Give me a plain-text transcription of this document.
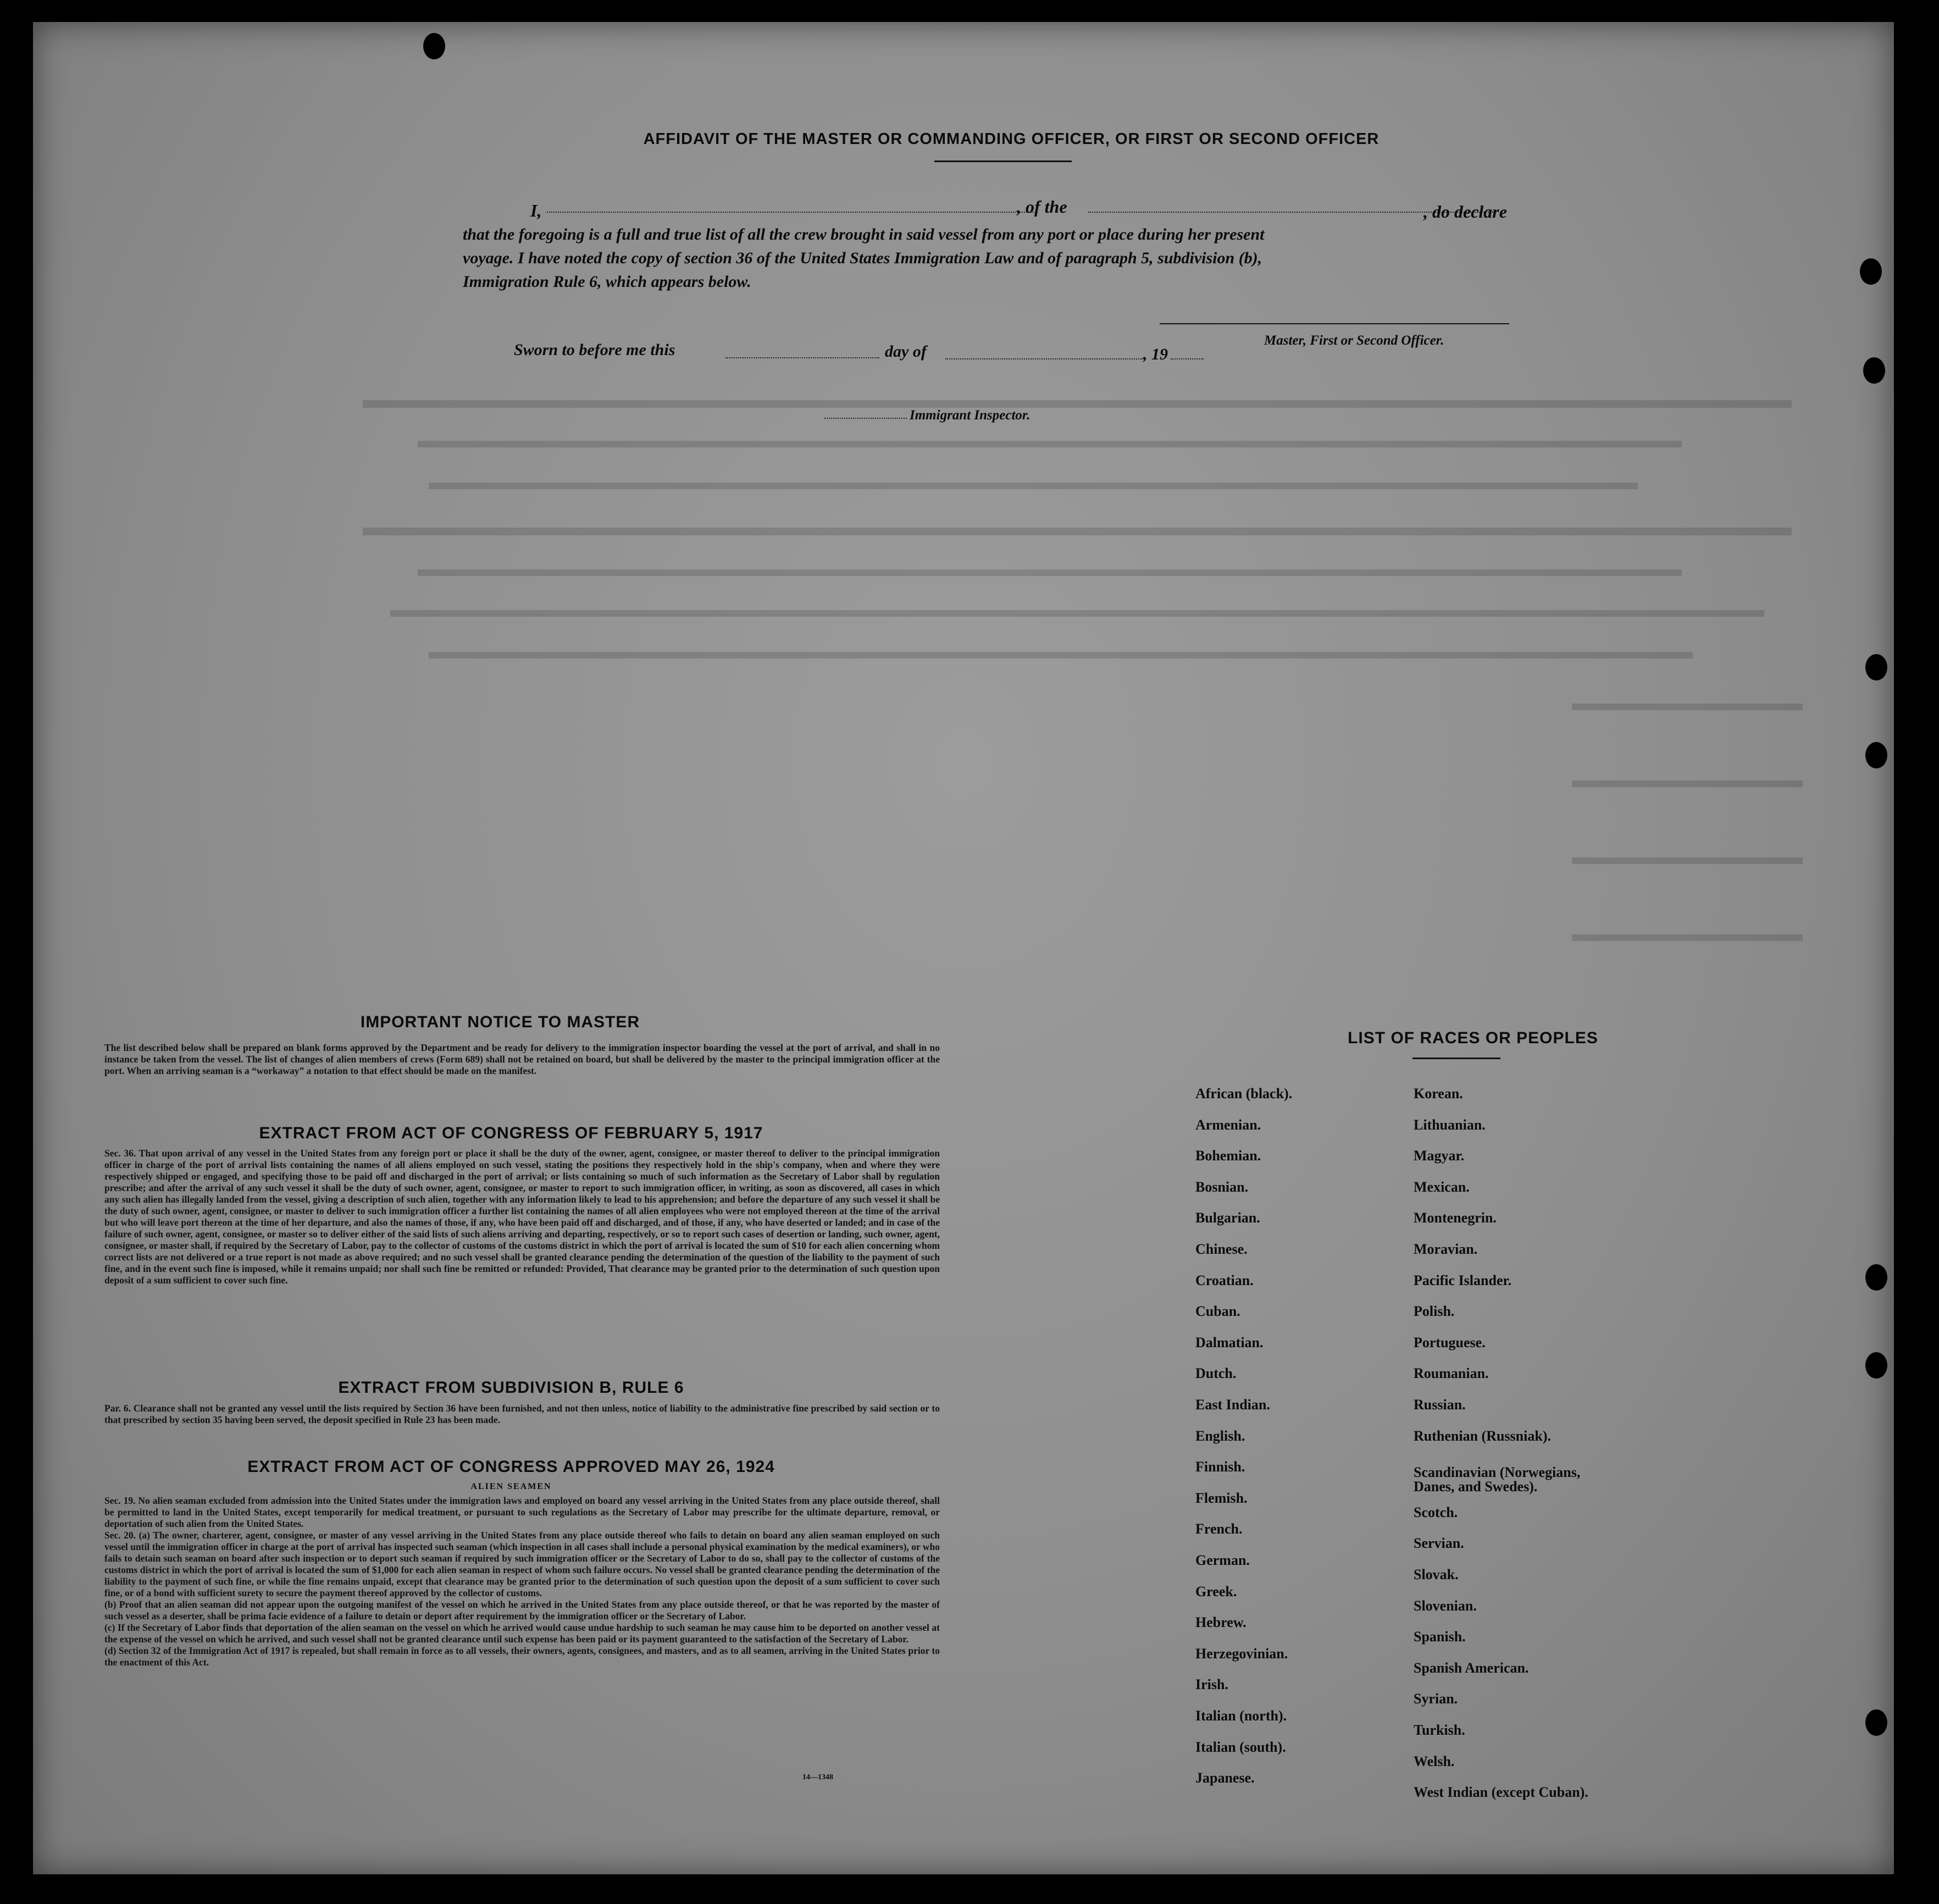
AFFIDAVIT OF THE MASTER OR COMMANDING OFFICER, OR FIRST OR SECOND OFFICER
I,	, of the	, do declare
that the foregoing is a full and true list of all the crew brought in said vessel from any port or place during her present
voyage. I have noted the copy of section 36 of the United States Immigration Law and of paragraph 5, subdivision (b),
Immigration Rule 6, which appears below.
Master, First or Second Officer.
Sworn to before me this	day of	, 19
Immigrant Inspector.
IMPORTANT NOTICE TO MASTER
The list described below shall be prepared on blank forms approved by the Department and be ready for delivery to the immigration inspector boarding the vessel at the port of arrival, and shall in no instance be taken from the vessel. The list of changes of alien members of crews (Form 689) shall not be retained on board, but shall be delivered by the master to the principal immigration officer at the port. When an arriving seaman is a “workaway” a notation to that effect should be made on the manifest.
EXTRACT FROM ACT OF CONGRESS OF FEBRUARY 5, 1917
Sec. 36. That upon arrival of any vessel in the United States from any foreign port or place it shall be the duty of the owner, agent, consignee, or master thereof to deliver to the principal immigration officer in charge of the port of arrival lists containing the names of all aliens employed on such vessel, stating the positions they respectively hold in the ship's company, when and where they were respectively shipped or engaged, and specifying those to be paid off and discharged in the port of arrival; or lists containing so much of such information as the Secretary of Labor shall by regulation prescribe; and after the arrival of any such vessel it shall be the duty of such owner, agent, consignee, or master to report to such immigration officer, in writing, as soon as discovered, all cases in which any such alien has illegally landed from the vessel, giving a description of such alien, together with any information likely to lead to his apprehension; and before the departure of any such vessel it shall be the duty of such owner, agent, consignee, or master to deliver to such immigration officer a further list containing the names of all alien employees who were not employed thereon at the time of the arrival but who will leave port thereon at the time of her departure, and also the names of those, if any, who have been paid off and discharged, and of those, if any, who have deserted or landed; and in case of the failure of such owner, agent, consignee, or master so to deliver either of the said lists of such aliens arriving and departing, respectively, or so to report such cases of desertion or landing, such owner, agent, consignee, or master shall, if required by the Secretary of Labor, pay to the collector of customs of the customs district in which the port of arrival is located the sum of $10 for each alien concerning whom correct lists are not delivered or a true report is not made as above required; and no such vessel shall be granted clearance pending the determination of the question of the liability to the payment of such fine, and in the event such fine is imposed, while it remains unpaid; nor shall such fine be remitted or refunded: Provided, That clearance may be granted prior to the determination of such question upon deposit of a sum sufficient to cover such fine.
EXTRACT FROM SUBDIVISION B, RULE 6
Par. 6. Clearance shall not be granted any vessel until the lists required by Section 36 have been furnished, and not then unless, notice of liability to the administrative fine prescribed by said section or to that prescribed by section 35 having been served, the deposit specified in Rule 23 has been made.
EXTRACT FROM ACT OF CONGRESS APPROVED MAY 26, 1924
ALIEN SEAMEN
Sec. 19. No alien seaman excluded from admission into the United States under the immigration laws and employed on board any vessel arriving in the United States from any place outside thereof, shall be permitted to land in the United States, except temporarily for medical treatment, or pursuant to such regulations as the Secretary of Labor may prescribe for the ultimate departure, removal, or deportation of such alien from the United States.
Sec. 20. (a) The owner, charterer, agent, consignee, or master of any vessel arriving in the United States from any place outside thereof who fails to detain on board any alien seaman employed on such vessel until the immigration officer in charge at the port of arrival has inspected such seaman (which inspection in all cases shall include a personal physical examination by the medical examiners), or who fails to detain such seaman on board after such inspection or to deport such seaman if required by such immigration officer or the Secretary of Labor to do so, shall pay to the collector of customs of the customs district in which the port of arrival is located the sum of $1,000 for each alien seaman in respect of whom such failure occurs. No vessel shall be granted clearance pending the determination of the liability to the payment of such fine, or while the fine remains unpaid, except that clearance may be granted prior to the determination of such question upon the deposit of a sum sufficient to cover such fine, or of a bond with sufficient surety to secure the payment thereof approved by the collector of customs.
(b) Proof that an alien seaman did not appear upon the outgoing manifest of the vessel on which he arrived in the United States from any place outside thereof, or that he was reported by the master of such vessel as a deserter, shall be prima facie evidence of a failure to detain or deport after requirement by the immigration officer or the Secretary of Labor.
(c) If the Secretary of Labor finds that deportation of the alien seaman on the vessel on which he arrived would cause undue hardship to such seaman he may cause him to be deported on another vessel at the expense of the vessel on which he arrived, and such vessel shall not be granted clearance until such expense has been paid or its payment guaranteed to the satisfaction of the Secretary of Labor.
(d) Section 32 of the Immigration Act of 1917 is repealed, but shall remain in force as to all vessels, their owners, agents, consignees, and masters, and as to all seamen, arriving in the United States prior to the enactment of this Act.
14—1348
LIST OF RACES OR PEOPLES
African (black).
Armenian.
Bohemian.
Bosnian.
Bulgarian.
Chinese.
Croatian.
Cuban.
Dalmatian.
Dutch.
East Indian.
English.
Finnish.
Flemish.
French.
German.
Greek.
Hebrew.
Herzegovinian.
Irish.
Italian (north).
Italian (south).
Japanese.
Korean.
Lithuanian.
Magyar.
Mexican.
Montenegrin.
Moravian.
Pacific Islander.
Polish.
Portuguese.
Roumanian.
Russian.
Ruthenian (Russniak).
Scandinavian (Norwegians, Danes, and Swedes).
Scotch.
Servian.
Slovak.
Slovenian.
Spanish.
Spanish American.
Syrian.
Turkish.
Welsh.
West Indian (except Cuban).
